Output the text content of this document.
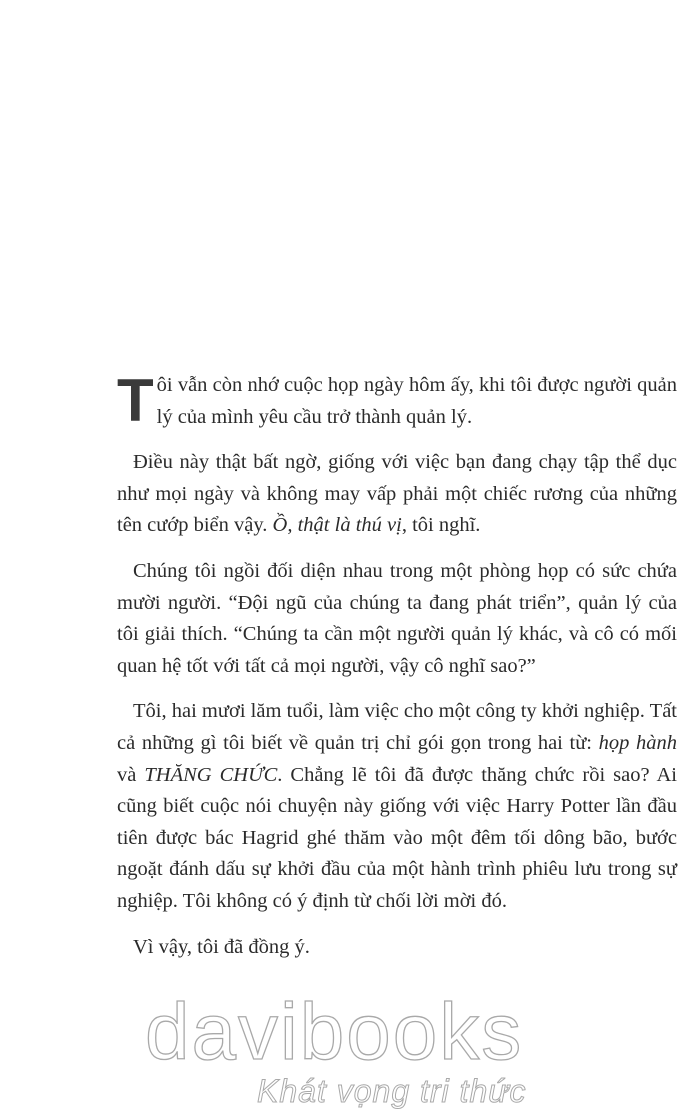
Tôi vẫn còn nhớ cuộc họp ngày hôm ấy, khi tôi được người quản lý của mình yêu cầu trở thành quản lý.

Điều này thật bất ngờ, giống với việc bạn đang chạy tập thể dục như mọi ngày và không may vấp phải một chiếc rương của những tên cướp biển vậy. Ồ, thật là thú vị, tôi nghĩ.

Chúng tôi ngồi đối diện nhau trong một phòng họp có sức chứa mười người. “Đội ngũ của chúng ta đang phát triển”, quản lý của tôi giải thích. “Chúng ta cần một người quản lý khác, và cô có mối quan hệ tốt với tất cả mọi người, vậy cô nghĩ sao?”

Tôi, hai mươi lăm tuổi, làm việc cho một công ty khởi nghiệp. Tất cả những gì tôi biết về quản trị chỉ gói gọn trong hai từ: họp hành và THĂNG CHỨC. Chẳng lẽ tôi đã được thăng chức rồi sao? Ai cũng biết cuộc nói chuyện này giống với việc Harry Potter lần đầu tiên được bác Hagrid ghé thăm vào một đêm tối dông bão, bước ngoặt đánh dấu sự khởi đầu của một hành trình phiêu lưu trong sự nghiệp. Tôi không có ý định từ chối lời mời đó.

Vì vậy, tôi đã đồng ý.

davibooks
Khát vọng tri thức
